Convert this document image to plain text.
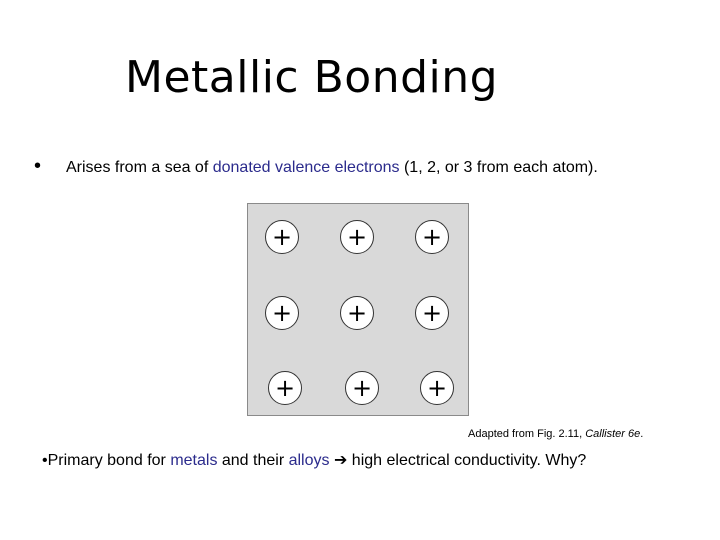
Metallic Bonding
• Arises from a sea of donated valence electrons (1, 2, or 3 from each atom).
+ + +
+ + +
+ + +
Adapted from Fig. 2.11, Callister 6e.
•Primary bond for metals and their alloys ➔ high electrical conductivity. Why?
